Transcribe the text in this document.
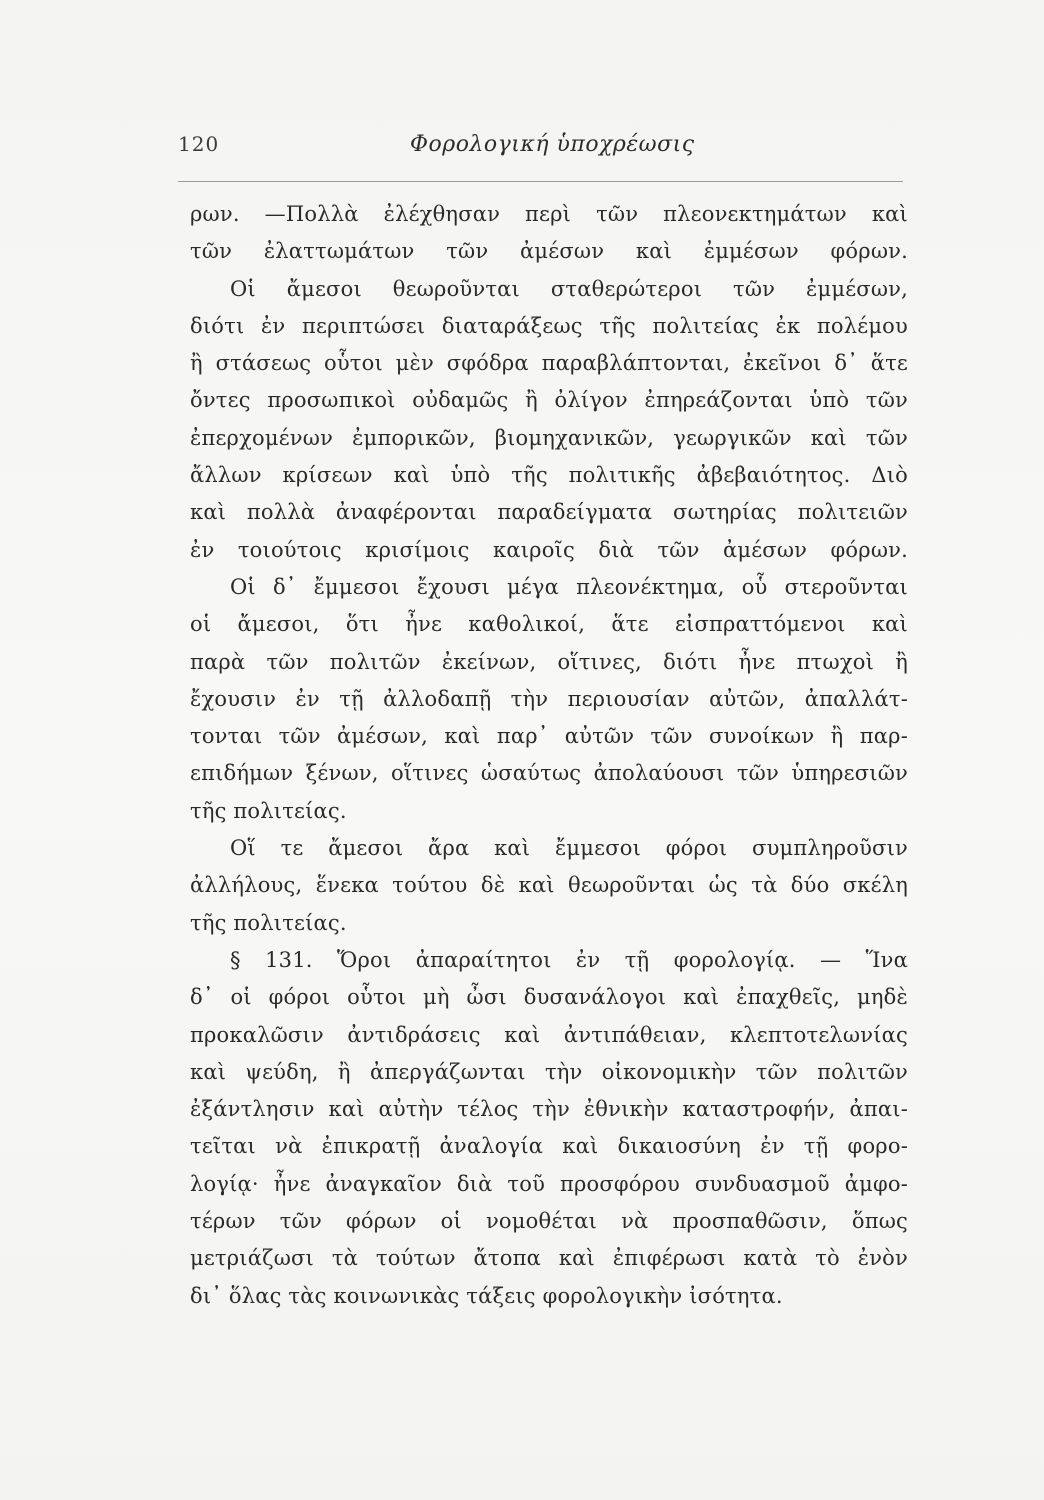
120	Φορολογική ὑποχρέωσις
ρων. —Πολλὰ ἐλέχθησαν περὶ τῶν πλεονεκτημάτων καὶ
τῶν ἐλαττωμάτων τῶν ἀμέσων καὶ ἐμμέσων φόρων.
Οἱ ἄμεσοι θεωροῦνται σταθερώτεροι τῶν ἐμμέσων,
διότι ἐν περιπτώσει διαταράξεως τῆς πολιτείας ἐκ πολέμου
ἢ στάσεως οὗτοι μὲν σφόδρα παραβλάπτονται, ἐκεῖνοι δ᾿ ἅτε
ὄντες προσωπικοὶ οὐδαμῶς ἢ ὀλίγον ἐπηρεάζονται ὑπὸ τῶν
ἐπερχομένων ἐμπορικῶν, βιομηχανικῶν, γεωργικῶν καὶ τῶν
ἄλλων κρίσεων καὶ ὑπὸ τῆς πολιτικῆς ἀβεβαιότητος. Διὸ
καὶ πολλὰ ἀναφέρονται παραδείγματα σωτηρίας πολιτειῶν
ἐν τοιούτοις κρισίμοις καιροῖς διὰ τῶν ἀμέσων φόρων.
Οἱ δ᾿ ἔμμεσοι ἔχουσι μέγα πλεονέκτημα, οὗ στεροῦνται
οἱ ἄμεσοι, ὅτι ἦνε καθολικοί, ἅτε εἰσπραττόμενοι καὶ
παρὰ τῶν πολιτῶν ἐκείνων, οἵτινες, διότι ἦνε πτωχοὶ ἢ
ἔχουσιν ἐν τῇ ἀλλοδαπῇ τὴν περιουσίαν αὐτῶν, ἀπαλλάτ-
τονται τῶν ἀμέσων, καὶ παρ᾿ αὐτῶν τῶν συνοίκων ἢ παρ-
επιδήμων ξένων, οἵτινες ὡσαύτως ἀπολαύουσι τῶν ὑπηρεσιῶν
τῆς πολιτείας.
Οἵ τε ἄμεσοι ἄρα καὶ ἔμμεσοι φόροι συμπληροῦσιν
ἀλλήλους, ἕνεκα τούτου δὲ καὶ θεωροῦνται ὡς τὰ δύο σκέλη
τῆς πολιτείας.
§ 131. Ὅροι ἀπαραίτητοι ἐν τῇ φορολογίᾳ. — Ἵνα
δ᾿ οἱ φόροι οὗτοι μὴ ὦσι δυσανάλογοι καὶ ἐπαχθεῖς, μηδὲ
προκαλῶσιν ἀντιδράσεις καὶ ἀντιπάθειαν, κλεπτοτελωνίας
καὶ ψεύδη, ἢ ἀπεργάζωνται τὴν οἰκονομικὴν τῶν πολιτῶν
ἐξάντλησιν καὶ αὐτὴν τέλος τὴν ἐθνικὴν καταστροφήν, ἀπαι-
τεῖται νὰ ἐπικρατῇ ἀναλογία καὶ δικαιοσύνη ἐν τῇ φορο-
λογίᾳ· ἦνε ἀναγκαῖον διὰ τοῦ προσφόρου συνδυασμοῦ ἀμφο-
τέρων τῶν φόρων οἱ νομοθέται νὰ προσπαθῶσιν, ὅπως
μετριάζωσι τὰ τούτων ἄτοπα καὶ ἐπιφέρωσι κατὰ τὸ ἐνὸν
δι᾿ ὅλας τὰς κοινωνικὰς τάξεις φορολογικὴν ἰσότητα.
